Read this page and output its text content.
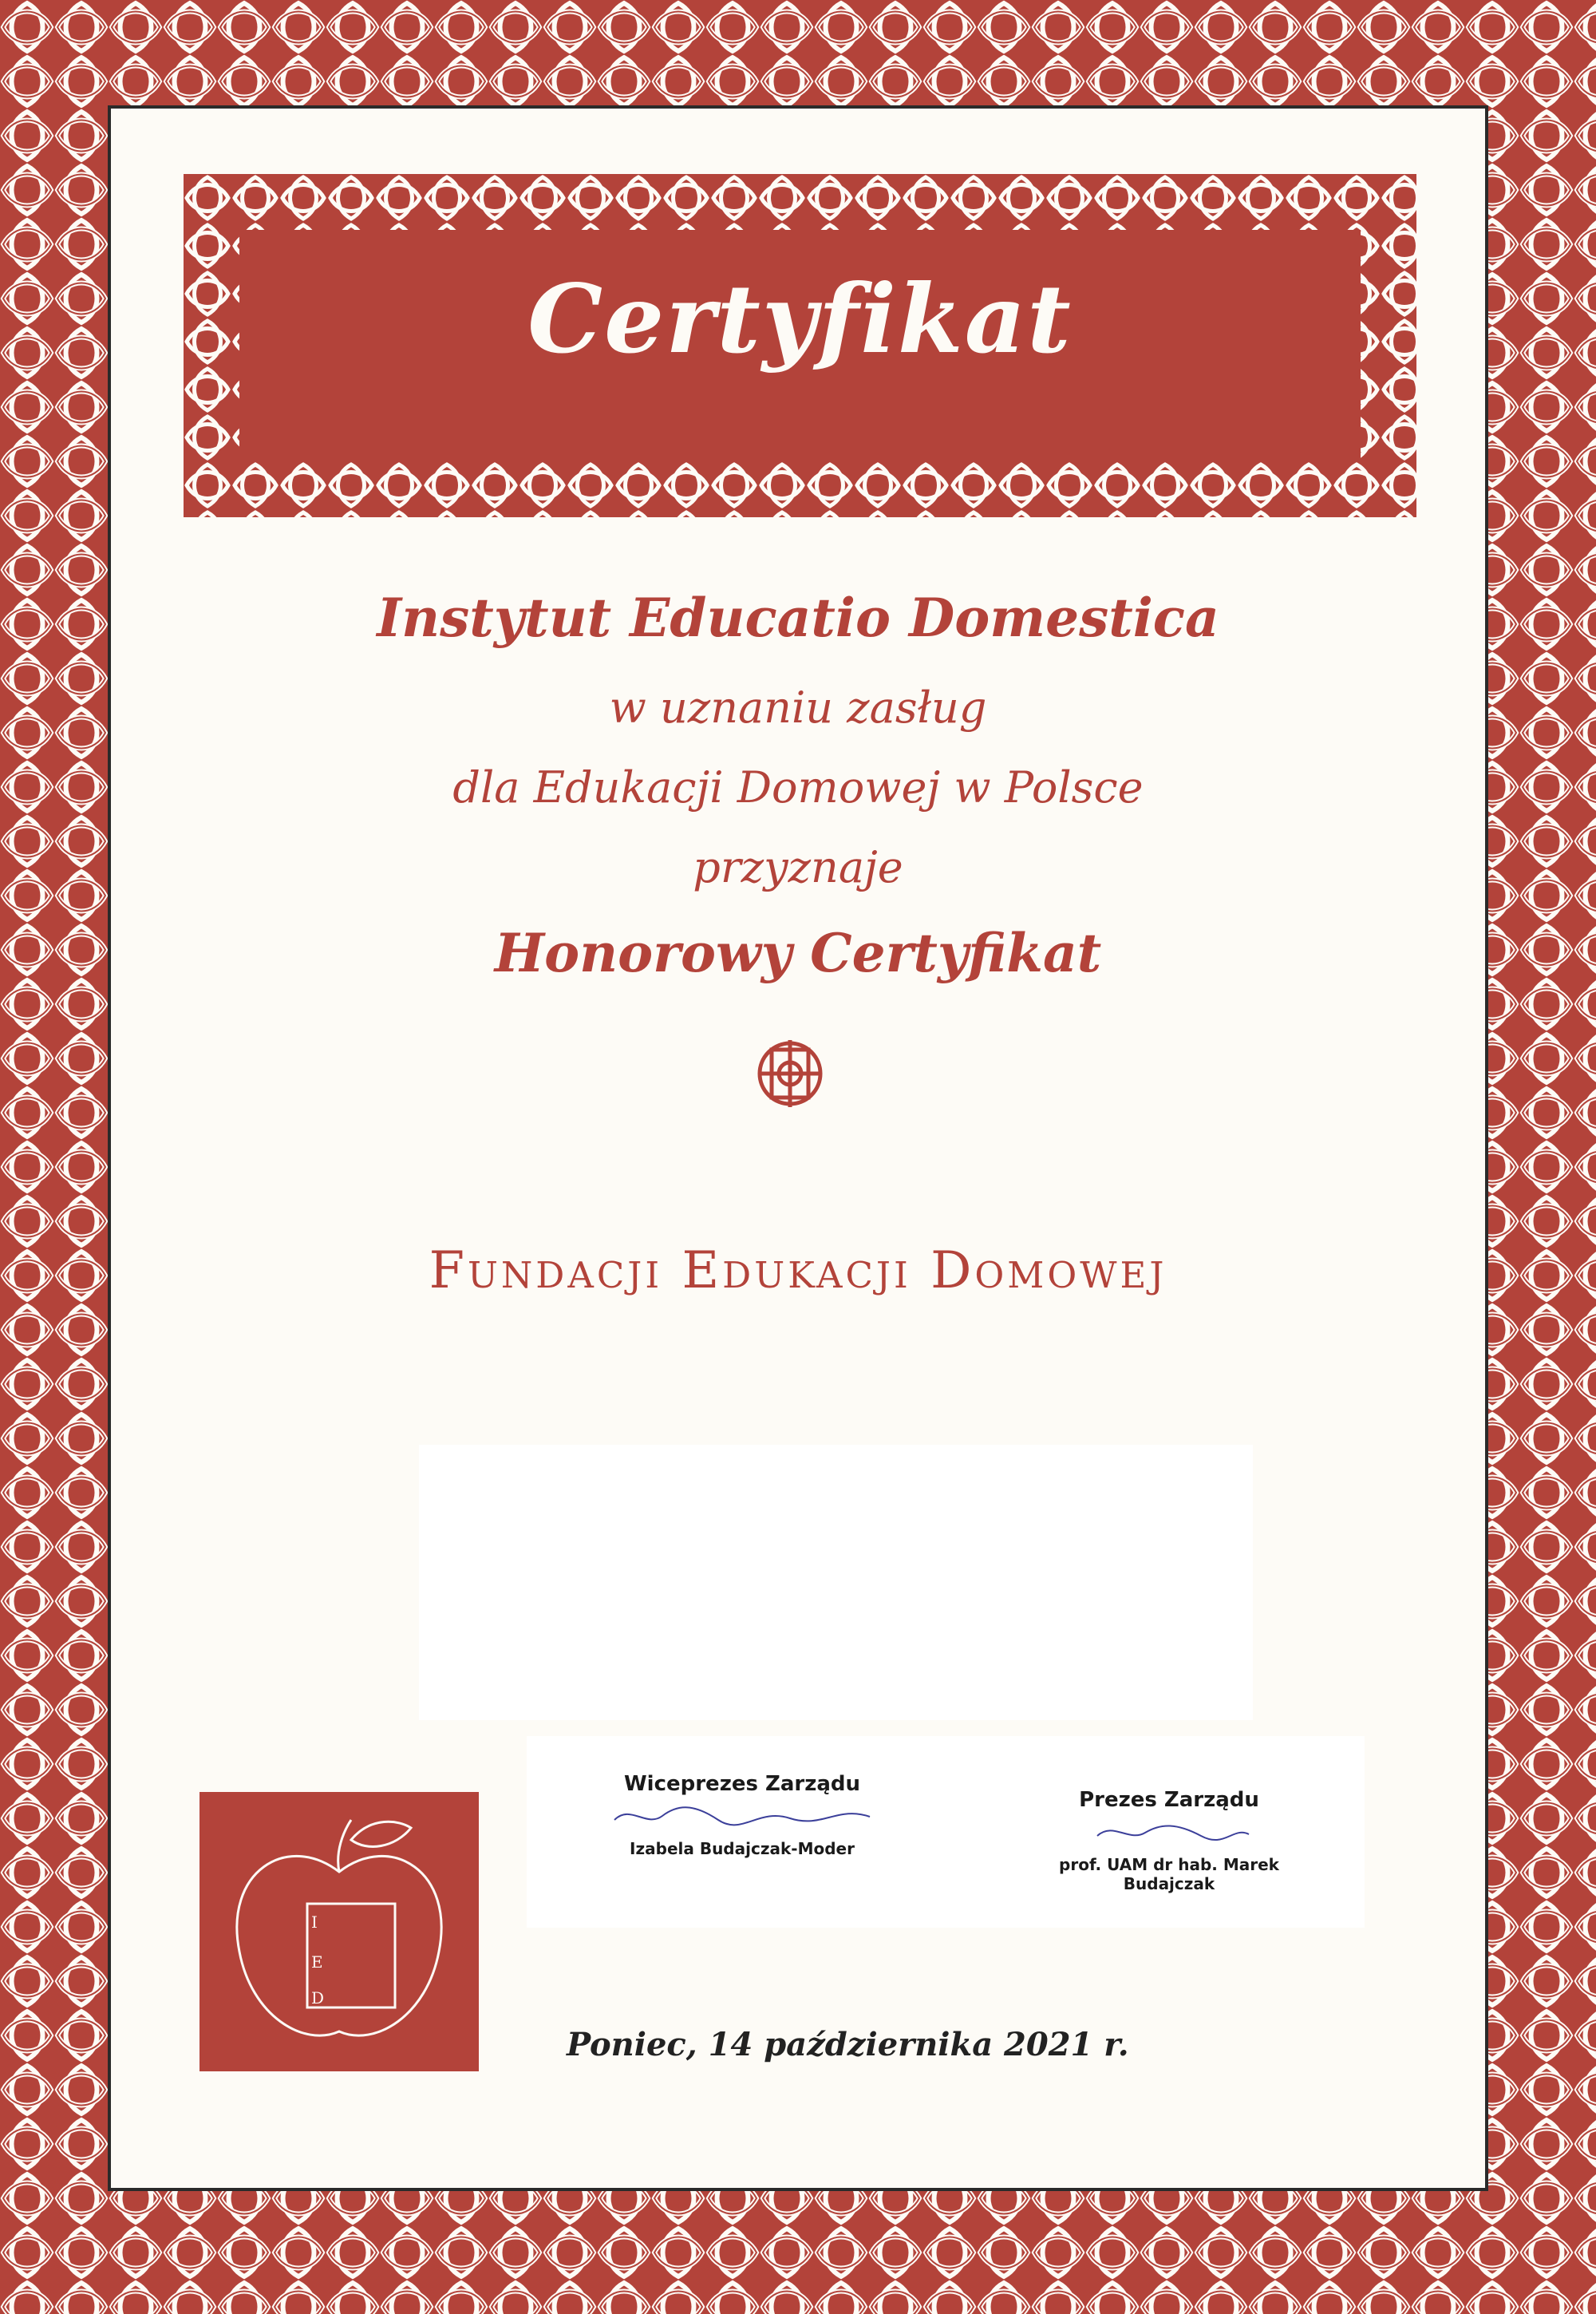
Certyfikat
Instytut Educatio Domestica
w uznaniu zasług
dla Edukacji Domowej w Polsce
przyznaje
Honorowy Certyfikat
Fundacji Edukacji Domowej
Wiceprezes Zarządu
Izabela Budajczak-Moder
Prezes Zarządu
prof. UAM dr hab. Marek Budajczak
I
E
D
Poniec, 14 października 2021 r.
